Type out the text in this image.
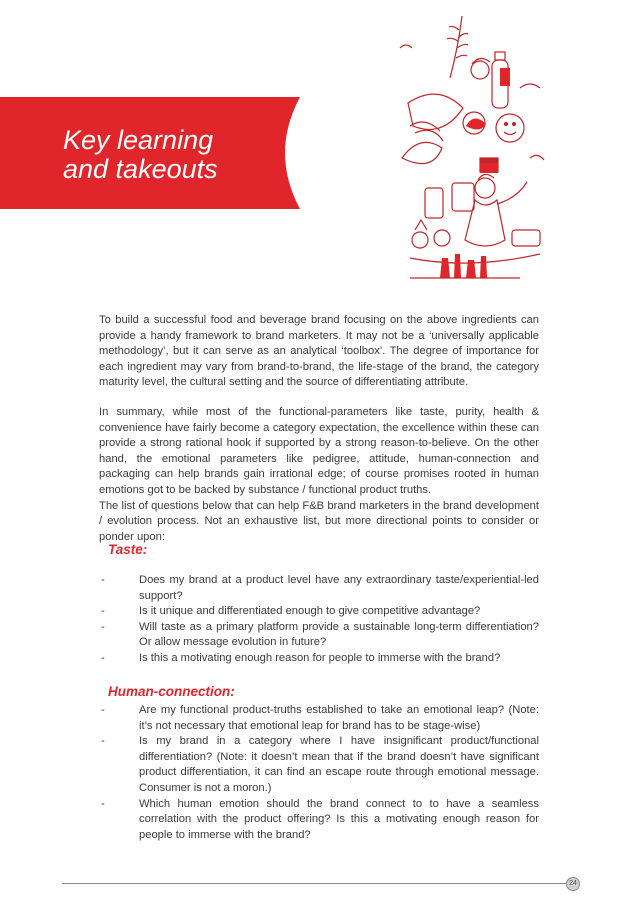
Key learning
and takeouts

To build a successful food and beverage brand focusing on the above ingredients can provide a handy framework to brand marketers. It may not be a ‘universally applicable methodology’, but it can serve as an analytical ‘toolbox’. The degree of importance for each ingredient may vary from brand-to-brand, the life-stage of the brand, the category maturity level, the cultural setting and the source of differentiating attribute.

In summary, while most of the functional-parameters like taste, purity, health & convenience have fairly become a category expectation, the excellence within these can provide a strong rational hook if supported by a strong reason-to-believe. On the other hand, the emotional parameters like pedigree, attitude, human-connection and packaging can help brands gain irrational edge; of course promises rooted in human emotions got to be backed by substance / functional product truths.

The list of questions below that can help F&B brand marketers in the brand development / evolution process. Not an exhaustive list, but more directional points to consider or ponder upon:

Taste:
-	Does my brand at a product level have any extraordinary taste/experiential-led support?
-	Is it unique and differentiated enough to give competitive advantage?
-	Will taste as a primary platform provide a sustainable long-term differentiation? Or allow message evolution in future?
-	Is this a motivating enough reason for people to immerse with the brand?
Human-connection:
-	Are my functional product-truths established to take an emotional leap? (Note: it’s not necessary that emotional leap for brand has to be stage-wise)
-	Is my brand in a category where I have insignificant product/functional differentiation? (Note: it doesn’t mean that if the brand doesn’t have significant product differentiation, it can find an escape route through emotional message. Consumer is not a moron.)
-	Which human emotion should the brand connect to to have a seamless correlation with the product offering? Is this a motivating enough reason for people to immerse with the brand?
24
